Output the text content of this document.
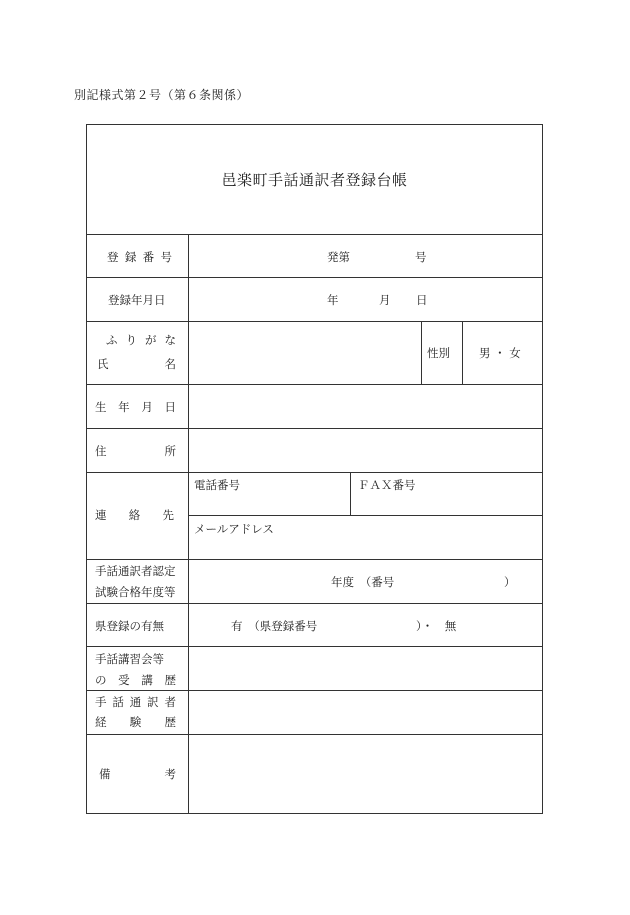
別記様式第２号（第６条関係）
邑楽町手話通訳者登録台帳
登 録 番 号	発第	号
登録年月日	年	月 日
ふ り が な
氏	名
性別	男 ・ 女
生 年 月 日
住	所
連 絡 先
電話番号	ＦＡＸ番号
メールアドレス
手話通訳者認定
試験合格年度等
年度　（番号	）
県登録の有無	有　（県登録番号	）・　無
手話講習会等
の 受 講 歴
手 話 通 訳 者
経 験 歴
備	考
